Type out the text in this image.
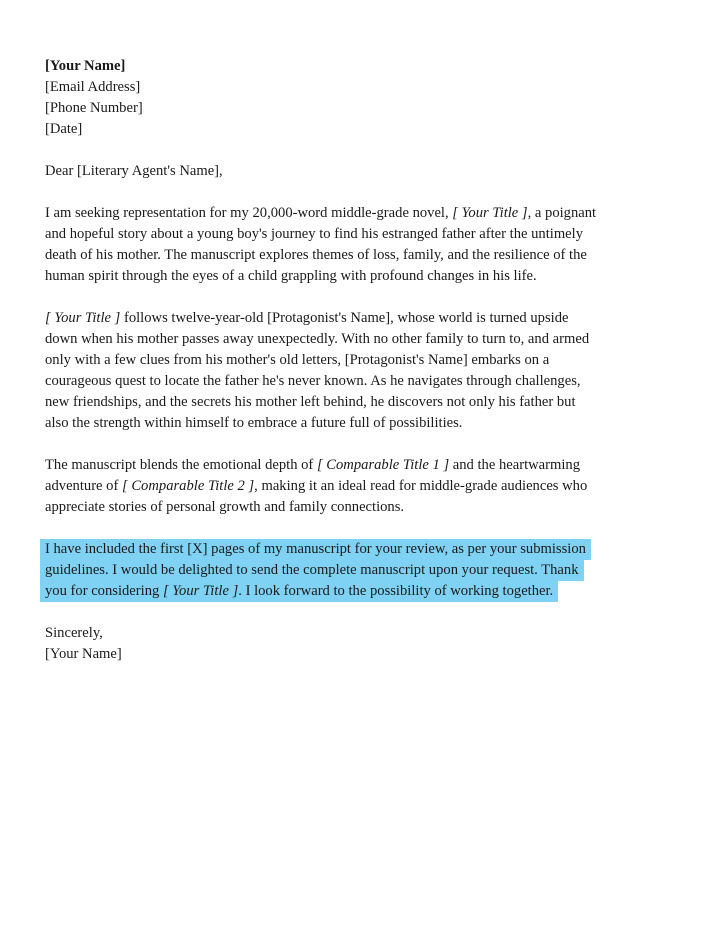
[Your Name]

[Email Address]

[Phone Number]

[Date]

Dear [Literary Agent's Name],

I am seeking representation for my 20,000-word middle-grade novel, [ Your Title ], a poignant
and hopeful story about a young boy's journey to find his estranged father after the untimely
death of his mother. The manuscript explores themes of loss, family, and the resilience of the
human spirit through the eyes of a child grappling with profound changes in his life.
[ Your Title ] follows twelve-year-old [Protagonist's Name], whose world is turned upside
down when his mother passes away unexpectedly. With no other family to turn to, and armed
only with a few clues from his mother's old letters, [Protagonist's Name] embarks on a
courageous quest to locate the father he's never known. As he navigates through challenges,
new friendships, and the secrets his mother left behind, he discovers not only his father but
also the strength within himself to embrace a future full of possibilities.
The manuscript blends the emotional depth of [ Comparable Title 1 ] and the heartwarming
adventure of [ Comparable Title 2 ], making it an ideal read for middle-grade audiences who
appreciate stories of personal growth and family connections.
I have included the first [X] pages of my manuscript for your review, as per your submission
guidelines. I would be delighted to send the complete manuscript upon your request. Thank
you for considering [ Your Title ]. I look forward to the possibility of working together.

Sincerely,

[Your Name]
